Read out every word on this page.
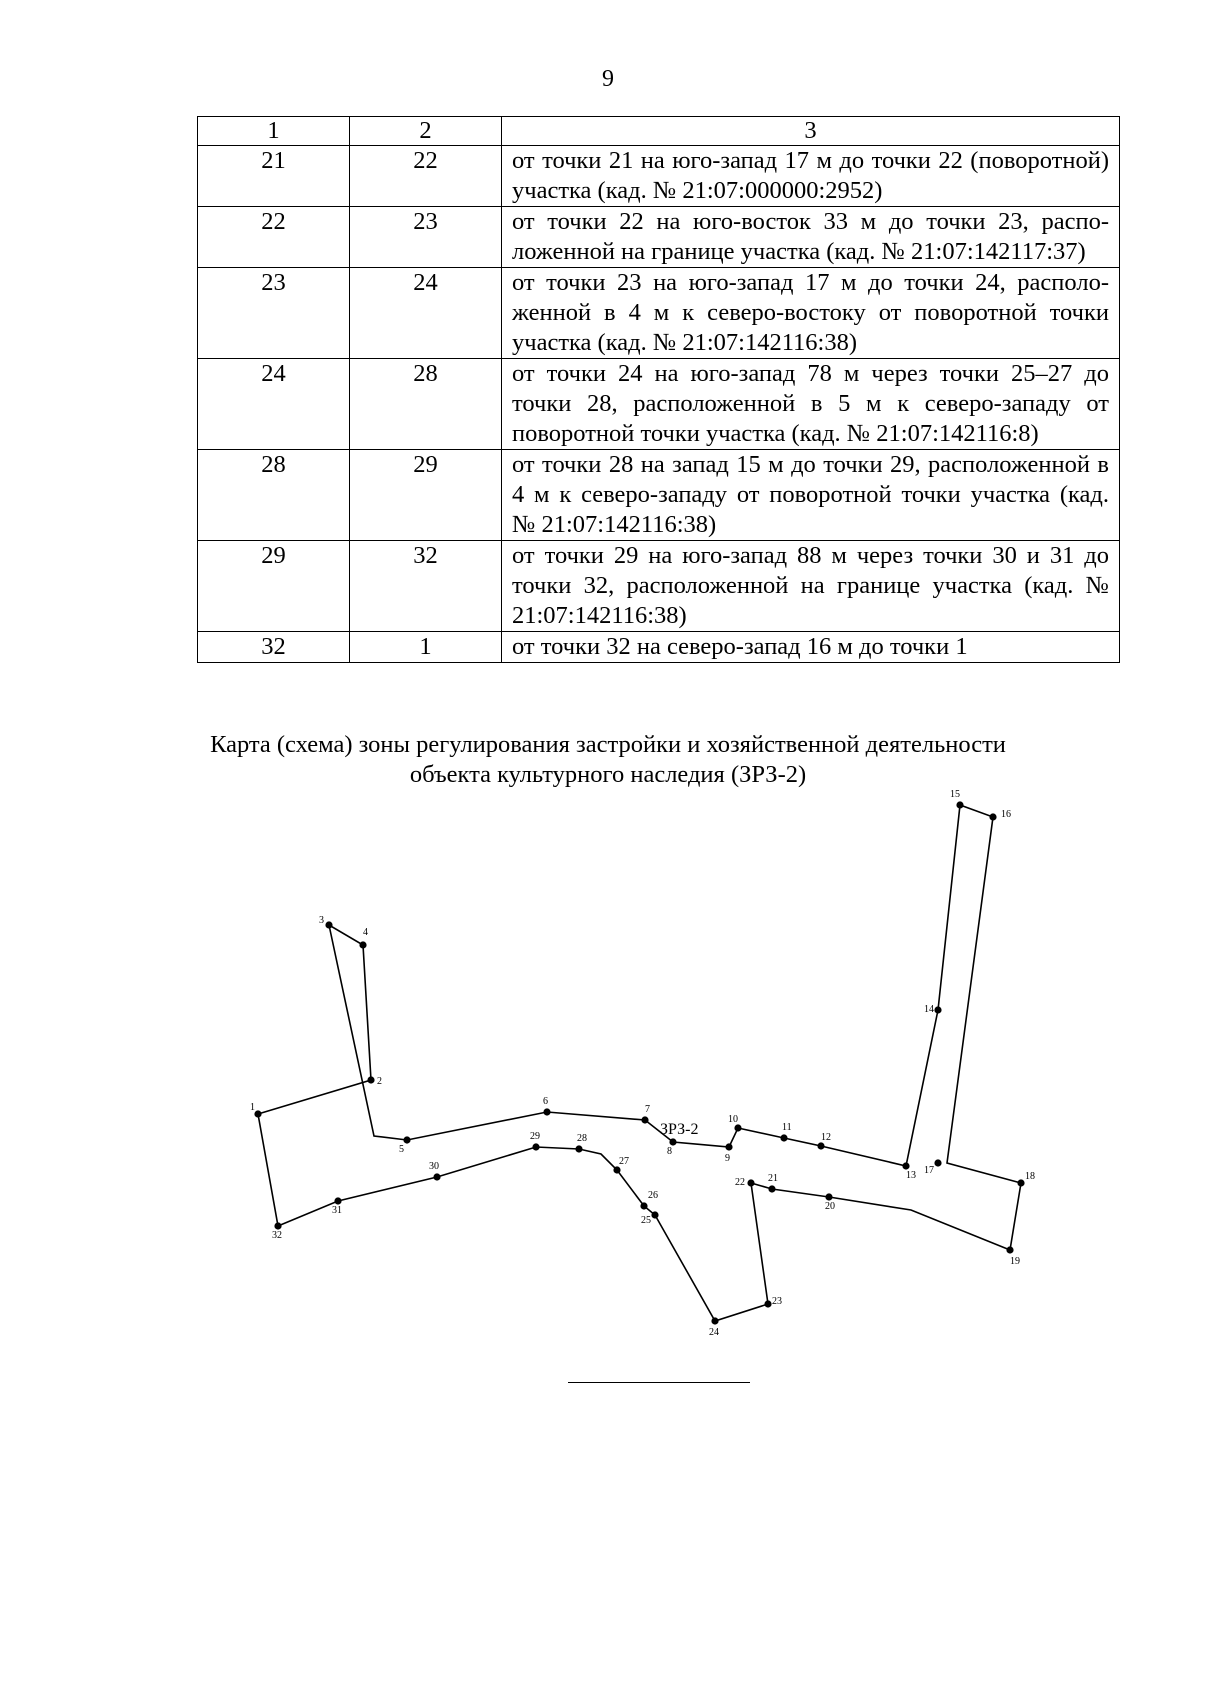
9
1	2	3
21	22	от точки 21 на юго-запад 17 м до точки 22 (поворотной) участка (кад. № 21:07:000000:2952)
22	23	от точки 22 на юго-восток 33 м до точки 23, расположенной на границе участка (кад. № 21:07:142117:37)
23	24	от точки 23 на юго-запад 17 м до точки 24, расположенной в 4 м к северо-востоку от поворотной точки участка (кад. № 21:07:142116:38)
24	28	от точки 24 на юго-запад 78 м через точки 25–27 до точки 28, расположенной в 5 м к северо-западу от поворотной точки участка (кад. № 21:07:142116:8)
28	29	от точки 28 на запад 15 м до точки 29, расположенной в 4 м к северо-западу от поворотной точки участка (кад. № 21:07:142116:38)
29	32	от точки 29 на юго-запад 88 м через точки 30 и 31 до точки 32, расположенной на границе участка (кад. № 21:07:142116:38)
32	1	от точки 32 на северо-запад 16 м до точки 1
Карта (схема) зоны регулирования застройки и хозяйственной деятельности
объекта культурного наследия (ЗРЗ-2)
1
2
3
4
5
6
7
8
9
10
11
12
13
14
15
16
17
18
19
20
21
22
23
24
25
26
27
28
29
30
31
32
ЗРЗ-2
